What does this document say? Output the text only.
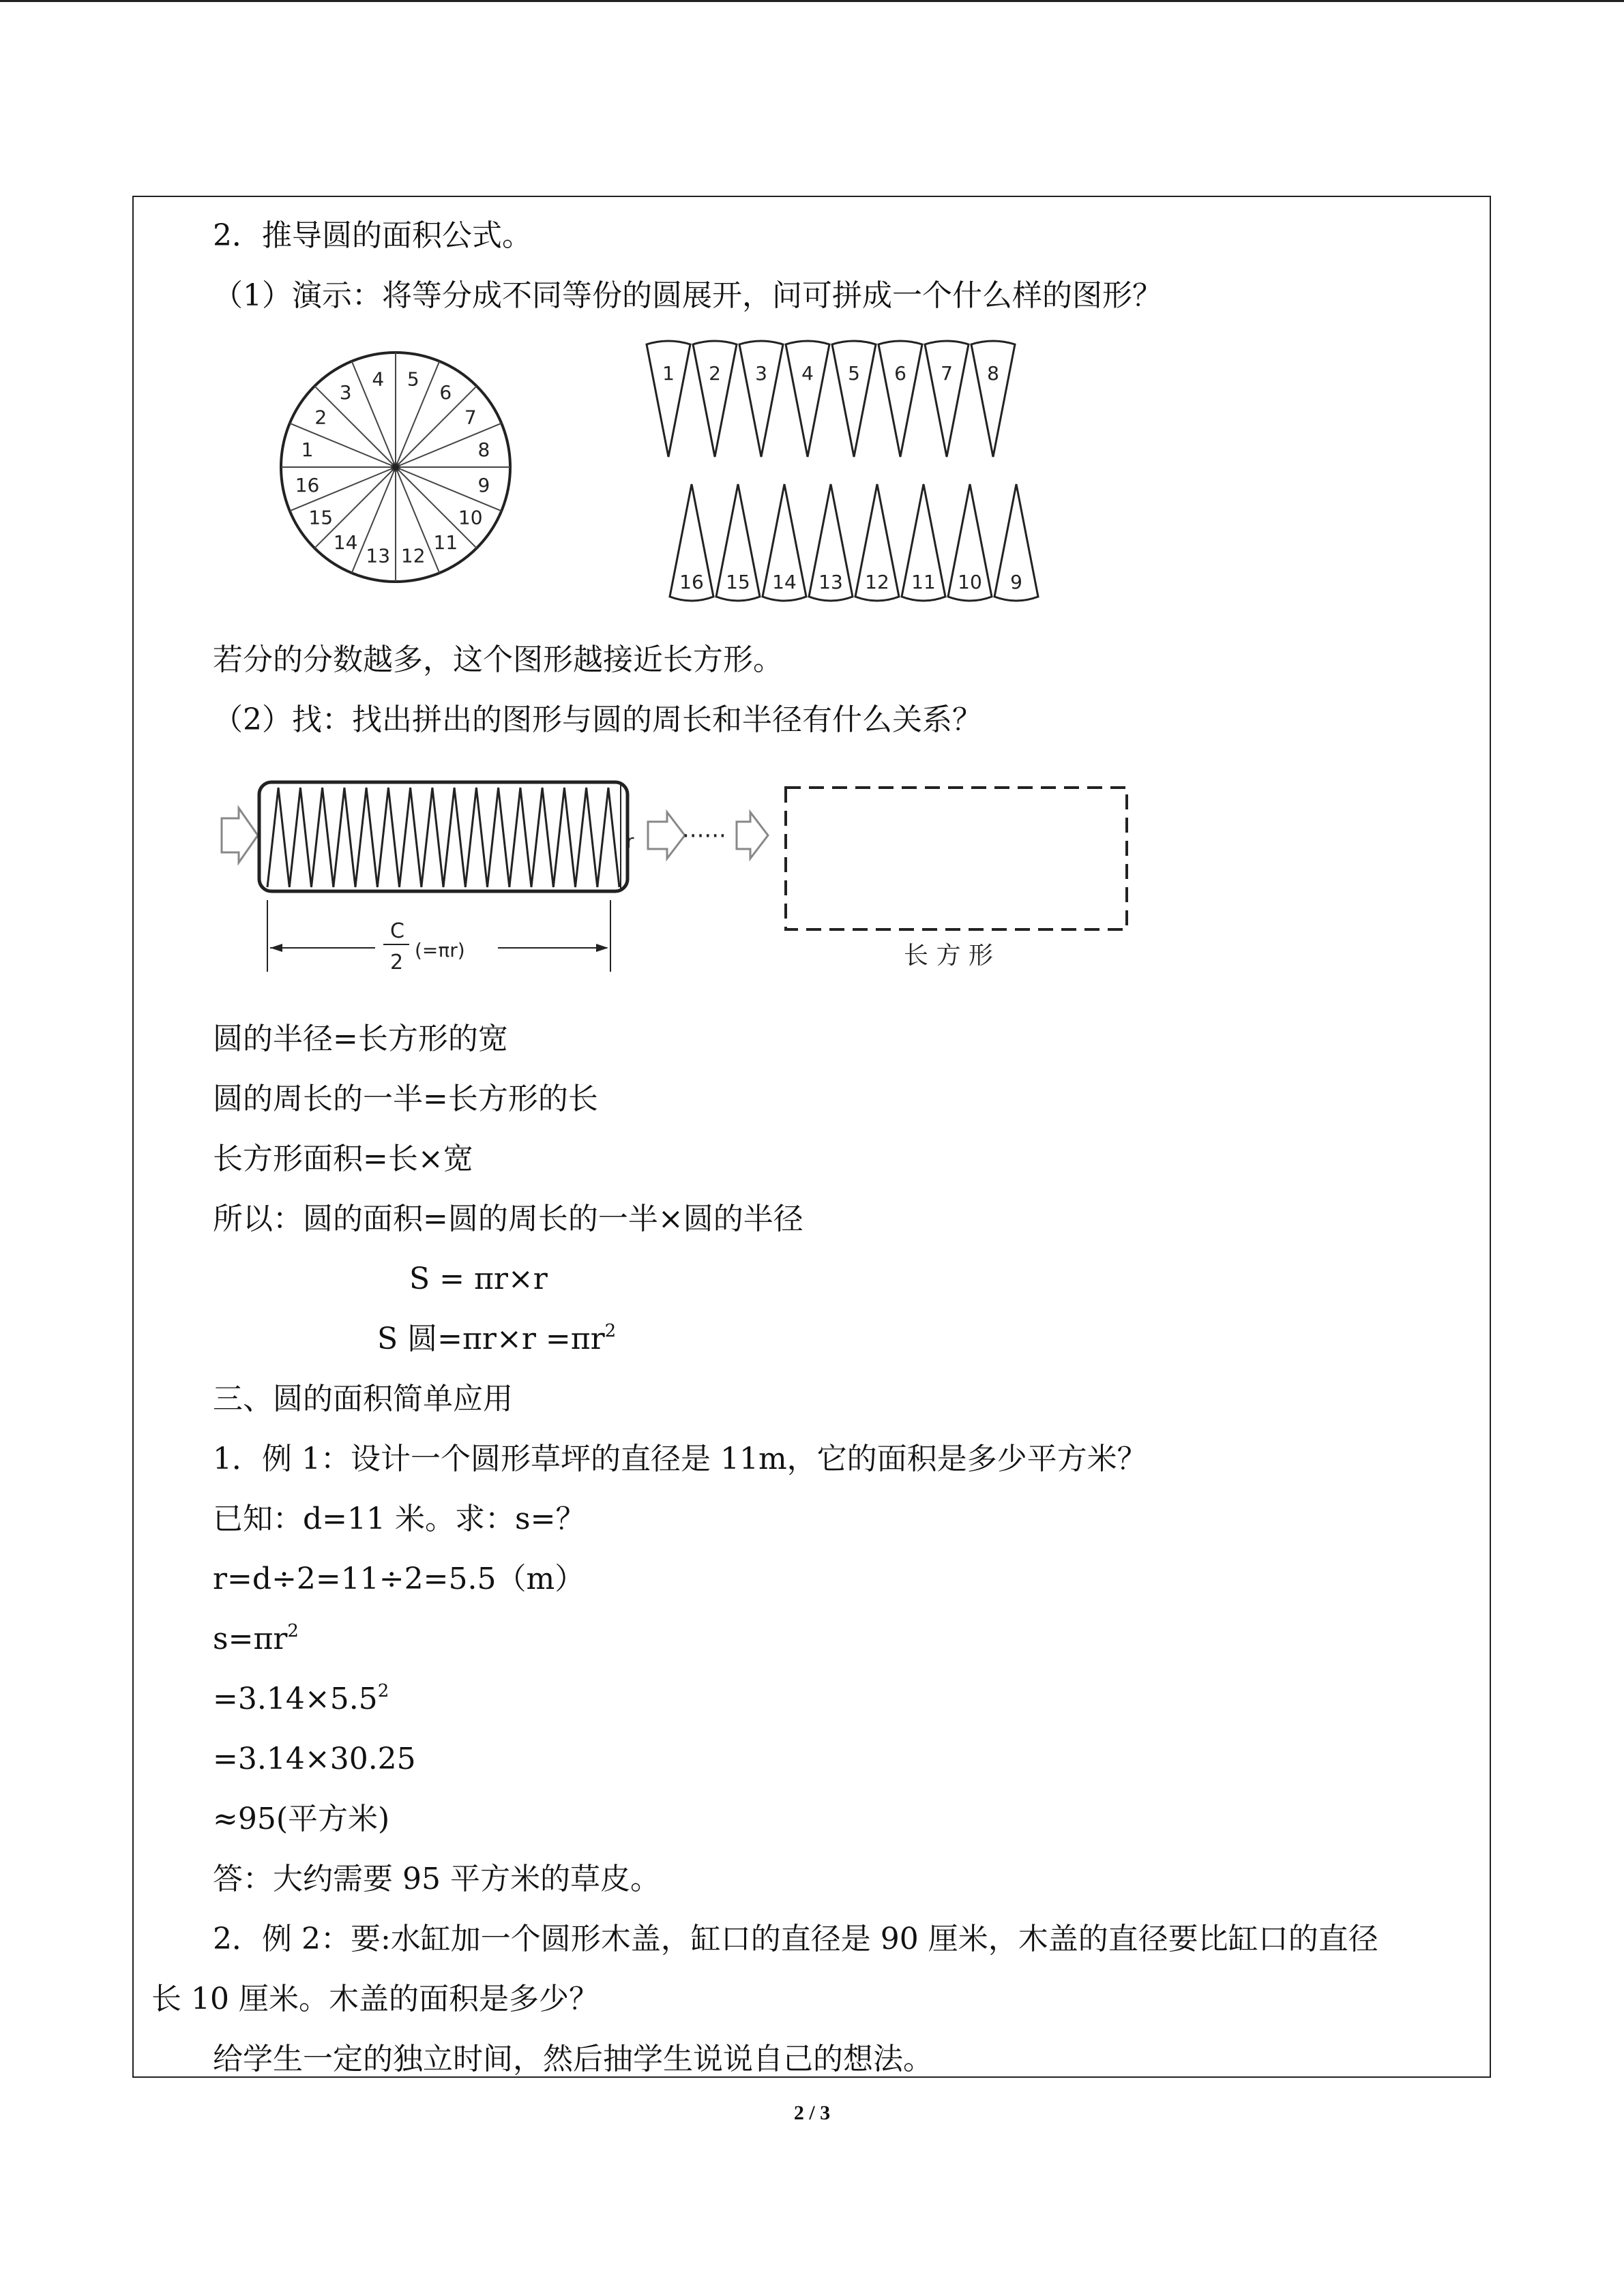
2．推导圆的面积公式。
（1）演示：将等分成不同等份的圆展开，问可拼成一个什么样的图形？
1
2
3
4 5
6
7
8
9
10
11
12
13
14
15
16
1 2 3 4 5 6 7 8
16 15 14 13 12 11 10 9
若分的分数越多，这个图形越接近长方形。
（2）找：找出拼出的图形与圆的周长和半径有什么关系？
r ······
长 方 形
C
2
(=πr)
圆的半径=长方形的宽
圆的周长的一半=长方形的长
长方形面积=长×宽
所以：圆的面积=圆的周长的一半×圆的半径
S = πr×r
S 圆$=\pi r\times r =\pi r^2$
三、圆的面积简单应用
1．例 1：设计一个圆形草坪的直径是 11m，它的面积是多少平方米？
已知：d=11 米。求：s=？
r=d÷2=11÷2=5.5（m）
$s=\pi r^2$
$=3.14\times 5.5^2$
=3.14×30.25
≈95(平方米)
答：大约需要 95 平方米的草皮。
2．例 2：要:水缸加一个圆形木盖，缸口的直径是 90 厘米，木盖的直径要比缸口的直径
长 10 厘米。木盖的面积是多少？
给学生一定的独立时间，然后抽学生说说自己的想法。
2 / 3
